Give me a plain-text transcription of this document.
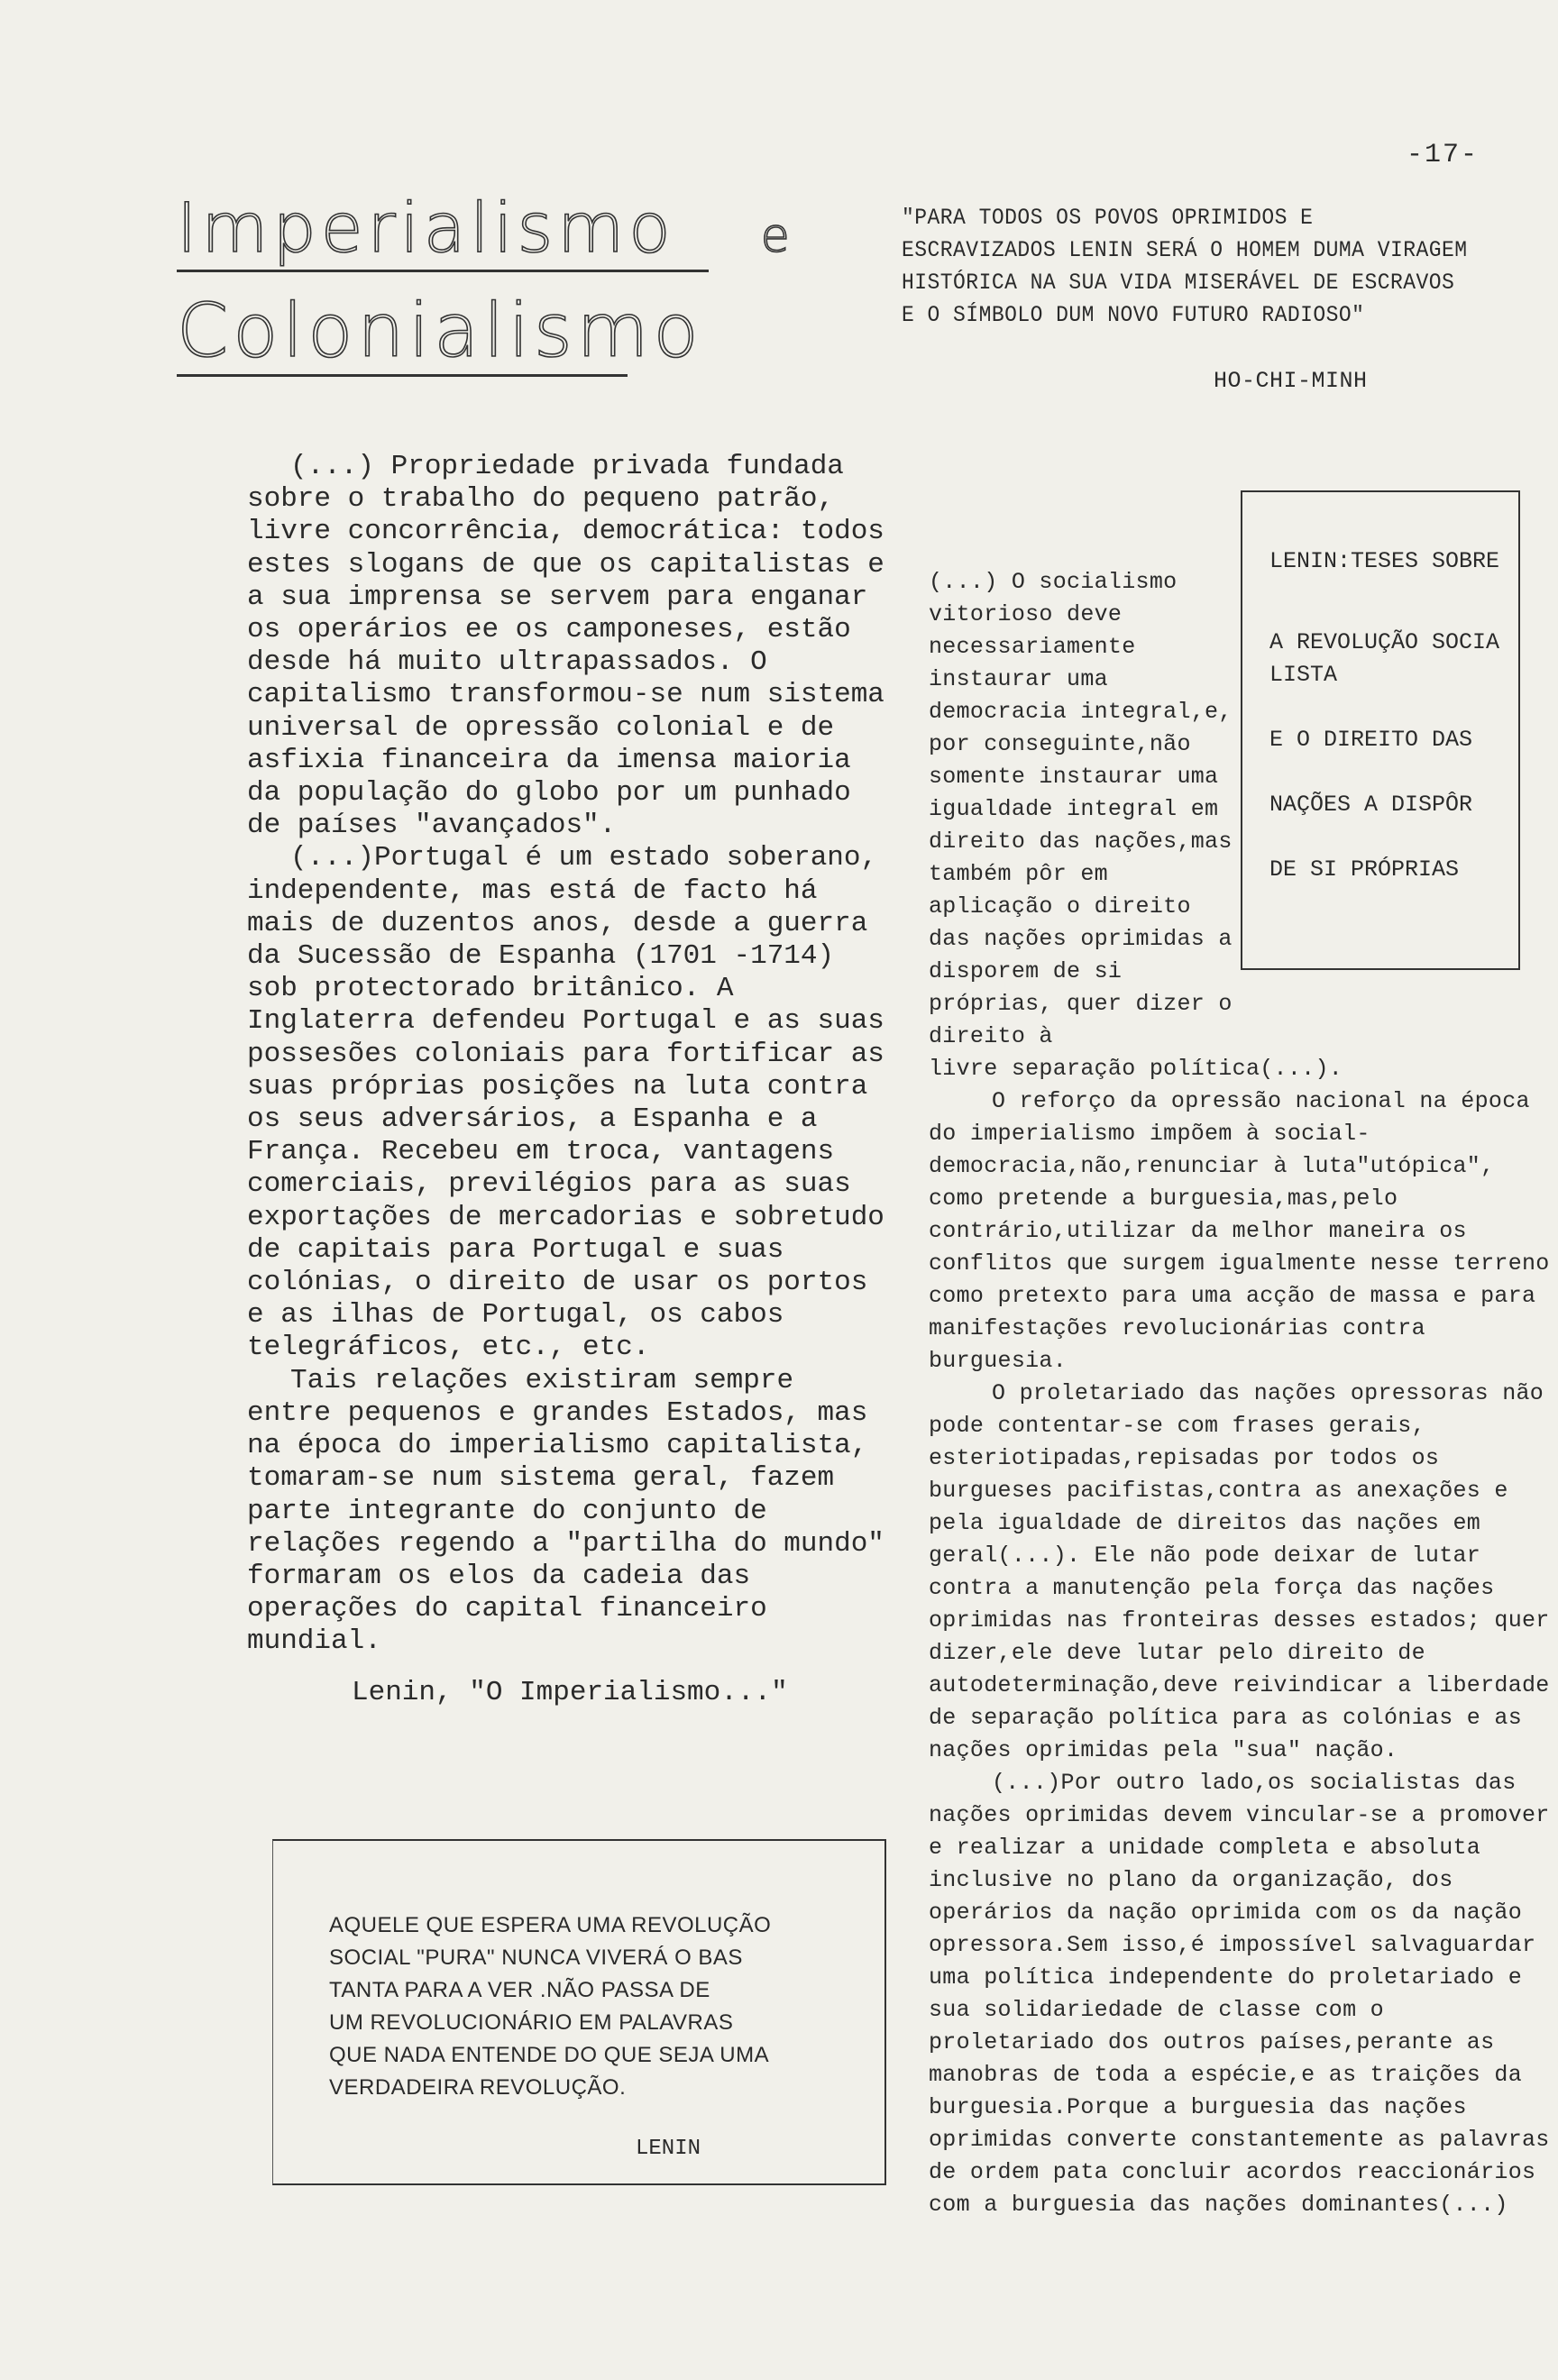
-17-
Imperialismo e
Colonialismo
"PARA TODOS OS POVOS OPRIMIDOS E ESCRAVIZADOS LENIN SERÁ O HOMEM DUMA VIRAGEM HISTÓRICA NA SUA VIDA MISERÁVEL DE ESCRAVOS E O SÍMBOLO DUM NOVO FUTURO RADIOSO"
HO-CHI-MINH

(...) Propriedade privada fundada sobre o trabalho do pequeno patrão, livre concorrência, democrática: todos estes slogans de que os capitalistas e a sua imprensa se servem para enganar os operários ee os camponeses, estão desde há muito ultrapassados. O capitalismo transformou-se num sistema universal de opressão colonial e de asfixia financeira da imensa maioria da população do globo por um punhado de países "avançados".

(...)Portugal é um estado soberano, independente, mas está de facto há mais de duzentos anos, desde a guerra da Sucessão de Espanha (1701 -1714) sob protectorado britânico. A Inglaterra defendeu Portugal e as suas possesões coloniais para fortificar as suas próprias posições na luta contra os seus adversários, a Espanha e a França. Recebeu em troca, vantagens comerciais, previlégios para as suas exportações de mercadorias e sobretudo de capitais para Portugal e suas colónias, o direito de usar os portos e as ilhas de Portugal, os cabos telegráficos, etc., etc.

Tais relações existiram sempre entre pequenos e grandes Estados, mas na época do imperialismo capitalista, tomaram-se num sistema geral, fazem parte integrante do conjunto de relações regendo a "partilha do mundo" formaram os elos da cadeia das operações do capital financeiro mundial.

Lenin, "O Imperialismo..."

AQUELE QUE ESPERA UMA REVOLUÇÃO
SOCIAL "PURA" NUNCA VIVERÁ O BAS
TANTA PARA A VER .NÃO PASSA DE
UM REVOLUCIONÁRIO EM PALAVRAS
QUE NADA ENTENDE DO QUE SEJA UMA
VERDADEIRA REVOLUÇÃO.
LENIN
LENIN:TESES SOBRE
A REVOLUÇÃO SOCIA
LISTA
E O DIREITO DAS
NAÇÕES A DISPÔR
DE SI PRÓPRIAS
(...) O socialismo vitorioso deve necessariamente instaurar uma democracia integral,e, por conseguinte,não somente instaurar uma igualdade integral em direito das nações,mas também pôr em aplicação o direito das nações oprimidas a disporem de si próprias, quer dizer o direito à

livre separação política(...).

O reforço da opressão nacional na época do imperialismo impõem à social-democracia,não,renunciar à luta"utópica", como pretende a burguesia,mas,pelo contrário,utilizar da melhor maneira os conflitos que surgem igualmente nesse terreno como pretexto para uma acção de massa e para manifestações revolucionárias contra burguesia.

O proletariado das nações opressoras não pode contentar-se com frases gerais, esteriotipadas,repisadas por todos os burgueses pacifistas,contra as anexações e pela igualdade de direitos das nações em geral(...). Ele não pode deixar de lutar contra a manutenção pela força das nações oprimidas nas fronteiras desses estados; quer dizer,ele deve lutar pelo direito de autodeterminação,deve reivindicar a liberdade de separação política para as colónias e as nações oprimidas pela "sua" nação.

(...)Por outro lado,os socialistas das nações oprimidas devem vincular-se a promover e realizar a unidade completa e absoluta inclusive no plano da organização, dos operários da nação oprimida com os da nação opressora.Sem isso,é impossível salvaguardar uma política independente do proletariado e sua solidariedade de classe com o proletariado dos outros países,perante as manobras de toda a espécie,e as traições da burguesia.Porque a burguesia das nações oprimidas converte constantemente as palavras de ordem pata concluir acordos reaccionários com a burguesia das nações dominantes(...)
